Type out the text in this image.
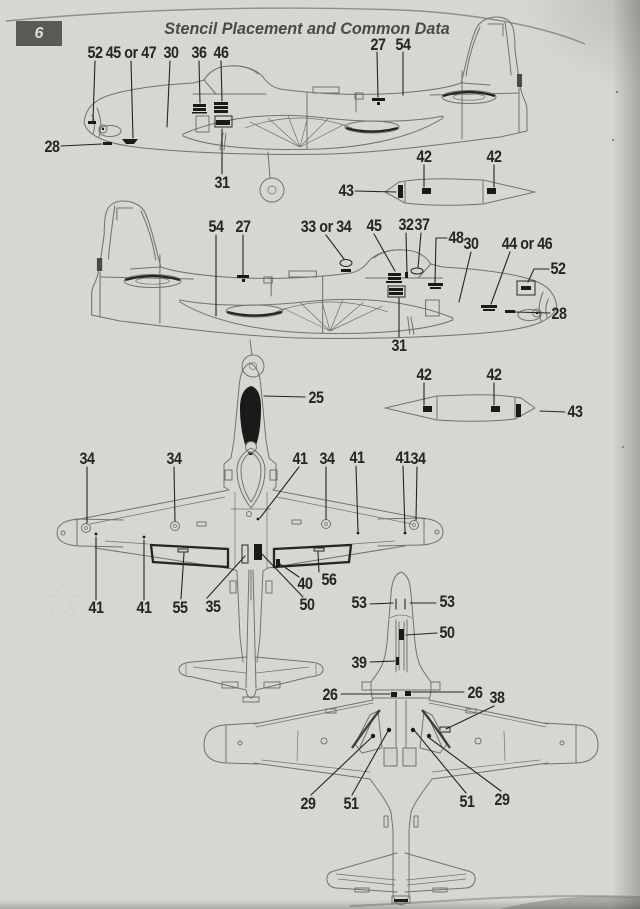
6	Stencil Placement and Common Data
52 45 or 47 30 36 46	27 54
28
31
42	42
43
54 27	33 or 34 45 32 37
48 30 44 or 46
52
28
31
42	42
43
25
34	34	41 34 41 41 34
41 41 55 35
40 56
50 53	53
50
39
26	26 38
29 51	51 29
